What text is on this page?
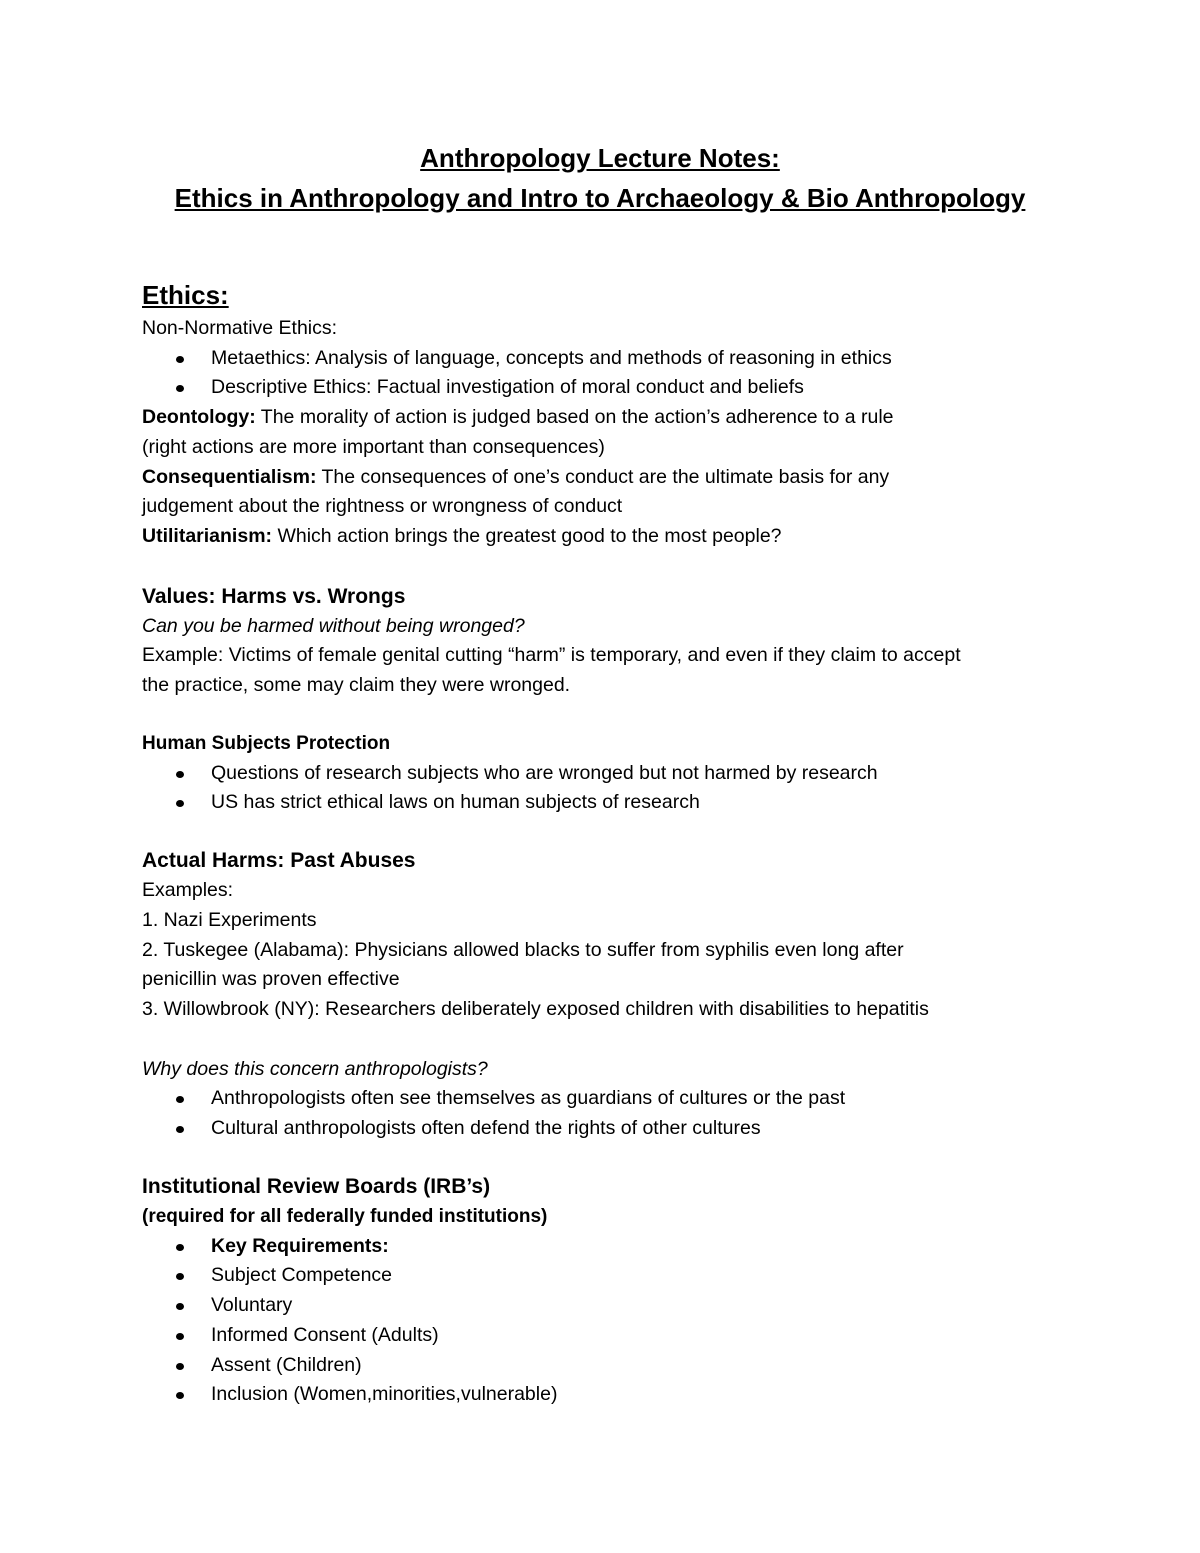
Anthropology Lecture Notes:
Ethics in Anthropology and Intro to Archaeology & Bio Anthropology
Ethics:
Non-Normative Ethics:
Metaethics: Analysis of language, concepts and methods of reasoning in ethics
Descriptive Ethics: Factual investigation of moral conduct and beliefs
Deontology: The morality of action is judged based on the action’s adherence to a rule
(right actions are more important than consequences)
Consequentialism: The consequences of one’s conduct are the ultimate basis for any
judgement about the rightness or wrongness of conduct
Utilitarianism: Which action brings the greatest good to the most people?
Values: Harms vs. Wrongs
Can you be harmed without being wronged?
Example: Victims of female genital cutting “harm” is temporary, and even if they claim to accept
the practice, some may claim they were wronged.
Human Subjects Protection
Questions of research subjects who are wronged but not harmed by research
US has strict ethical laws on human subjects of research
Actual Harms: Past Abuses
Examples:
1. Nazi Experiments
2. Tuskegee (Alabama): Physicians allowed blacks to suffer from syphilis even long after
penicillin was proven effective
3. Willowbrook (NY): Researchers deliberately exposed children with disabilities to hepatitis
Why does this concern anthropologists?
Anthropologists often see themselves as guardians of cultures or the past
Cultural anthropologists often defend the rights of other cultures
Institutional Review Boards (IRB’s)
(required for all federally funded institutions)
Key Requirements:
Subject Competence
Voluntary
Informed Consent (Adults)
Assent (Children)
Inclusion (Women,minorities,vulnerable)
